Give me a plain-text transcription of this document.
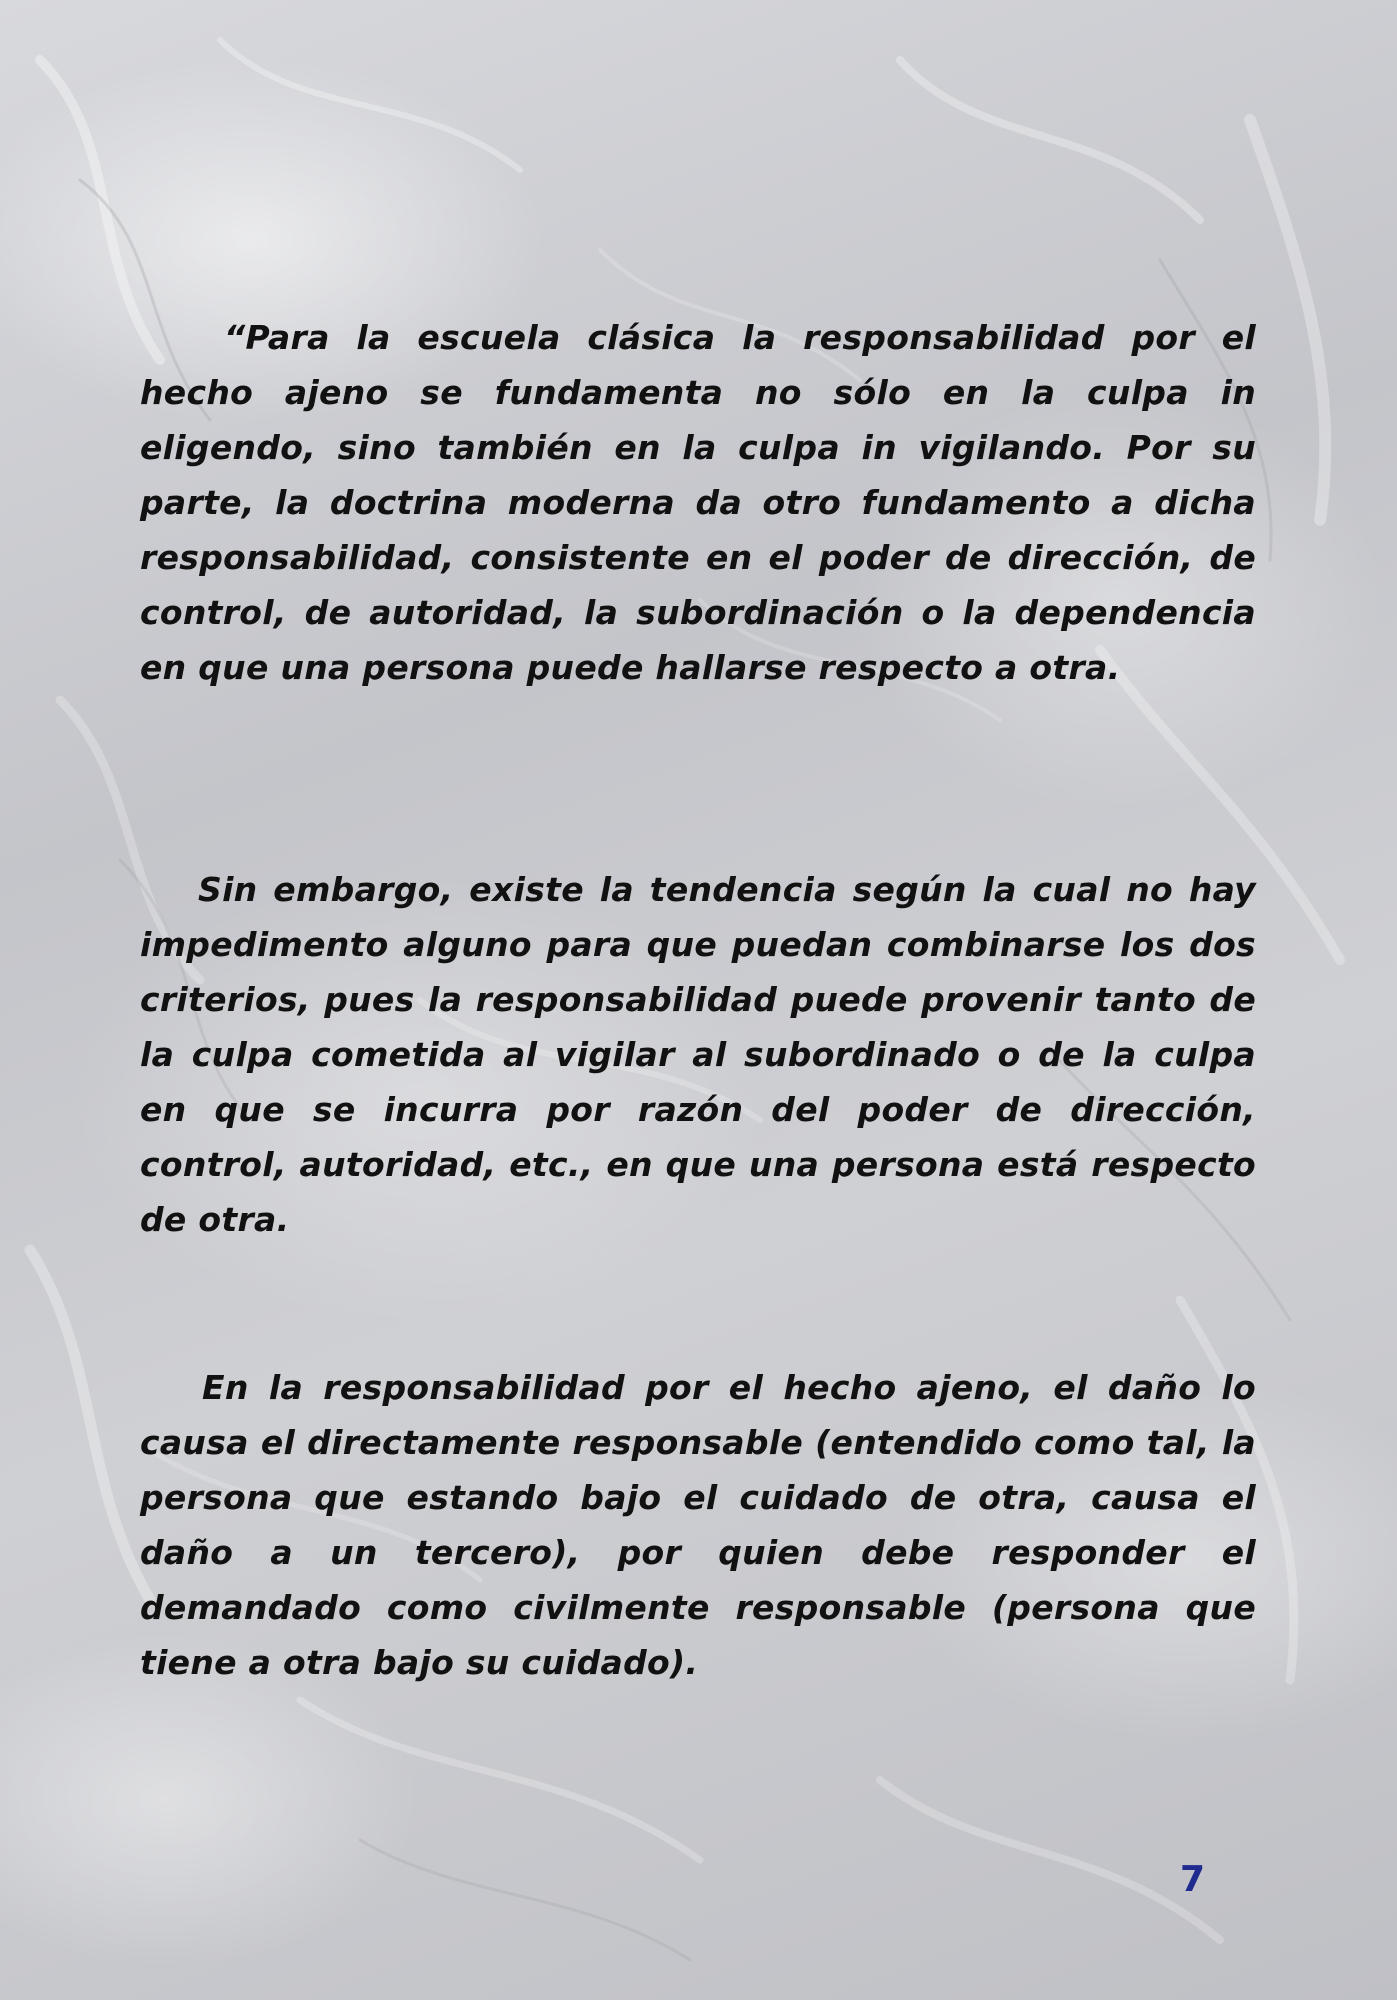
“Para la escuela clásica la responsabilidad por el hecho ajeno se fundamenta no sólo en la culpa in eligendo, sino también en la culpa in vigilando. Por su parte, la doctrina moderna da otro fundamento a dicha responsabilidad, consistente en el poder de dirección, de control, de autoridad, la subordinación o la dependencia en que una persona puede hallarse respecto a otra.

Sin embargo, existe la tendencia según la cual no hay impedimento alguno para que puedan combinarse los dos criterios, pues la responsabilidad puede provenir tanto de la culpa cometida al vigilar al subordinado o de la culpa en que se incurra por razón del poder de dirección, control, autoridad, etc., en que una persona está respecto de otra.

En la responsabilidad por el hecho ajeno, el daño lo causa el directamente responsable (entendido como tal, la persona que estando bajo el cuidado de otra, causa el daño a un tercero), por quien debe responder el demandado como civilmente responsable (persona que tiene a otra bajo su cuidado).

7
